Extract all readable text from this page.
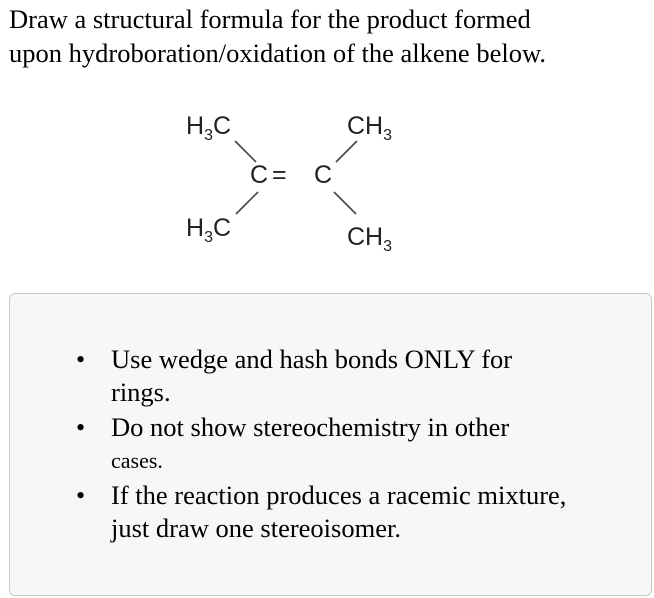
Draw a structural formula for the product formed
upon hydroboration/oxidation of the alkene below.
$H_3C$	$CH_3$
C = C
$H_3C$	$CH_3$
• Use wedge and hash bonds ONLY for
rings.
• Do not show stereochemistry in other
cases.
• If the reaction produces a racemic mixture,
just draw one stereoisomer.
